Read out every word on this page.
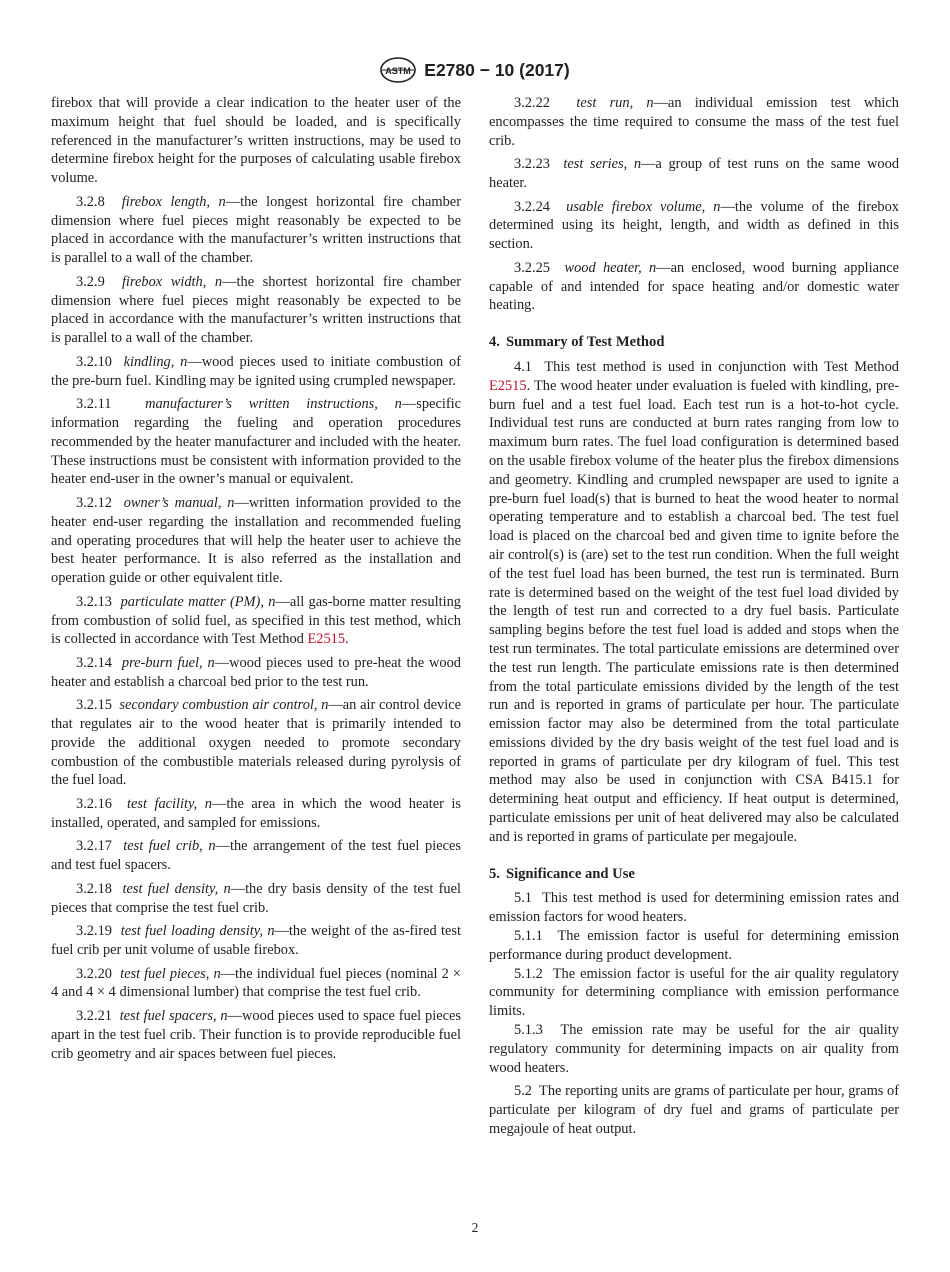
ASTM E2780 − 10 (2017)

firebox that will provide a clear indication to the heater user of the maximum height that fuel should be loaded, and is specifically referenced in the manufacturer’s written instructions, may be used to determine firebox height for the purposes of calculating usable firebox volume.

3.2.8 firebox length, n—the longest horizontal fire chamber dimension where fuel pieces might reasonably be expected to be placed in accordance with the manufacturer’s written instructions that is parallel to a wall of the chamber.

3.2.9 firebox width, n—the shortest horizontal fire chamber dimension where fuel pieces might reasonably be expected to be placed in accordance with the manufacturer’s written instructions that is parallel to a wall of the chamber.

3.2.10 kindling, n—wood pieces used to initiate combustion of the pre-burn fuel. Kindling may be ignited using crumpled newspaper.

3.2.11 manufacturer’s written instructions, n—specific information regarding the fueling and operation procedures recommended by the heater manufacturer and included with the heater. These instructions must be consistent with information provided to the heater end-user in the owner’s manual or equivalent.

3.2.12 owner’s manual, n—written information provided to the heater end-user regarding the installation and recommended fueling and operating procedures that will help the heater user to achieve the best heater performance. It is also referred as the installation and operation guide or other equivalent title.

3.2.13 particulate matter (PM), n—all gas-borne matter resulting from combustion of solid fuel, as specified in this test method, which is collected in accordance with Test Method E2515.

3.2.14 pre-burn fuel, n—wood pieces used to pre-heat the wood heater and establish a charcoal bed prior to the test run.

3.2.15 secondary combustion air control, n—an air control device that regulates air to the wood heater that is primarily intended to provide the additional oxygen needed to promote secondary combustion of the combustible materials released during pyrolysis of the fuel load.

3.2.16 test facility, n—the area in which the wood heater is installed, operated, and sampled for emissions.

3.2.17 test fuel crib, n—the arrangement of the test fuel pieces and test fuel spacers.

3.2.18 test fuel density, n—the dry basis density of the test fuel pieces that comprise the test fuel crib.

3.2.19 test fuel loading density, n—the weight of the as-fired test fuel crib per unit volume of usable firebox.

3.2.20 test fuel pieces, n—the individual fuel pieces (nominal 2 × 4 and 4 × 4 dimensional lumber) that comprise the test fuel crib.

3.2.21 test fuel spacers, n—wood pieces used to space fuel pieces apart in the test fuel crib. Their function is to provide reproducible fuel crib geometry and air spaces between fuel pieces.

3.2.22 test run, n—an individual emission test which encompasses the time required to consume the mass of the test fuel crib.

3.2.23 test series, n—a group of test runs on the same wood heater.

3.2.24 usable firebox volume, n—the volume of the firebox determined using its height, length, and width as defined in this section.

3.2.25 wood heater, n—an enclosed, wood burning appliance capable of and intended for space heating and/or domestic water heating.

4. Summary of Test Method

4.1 This test method is used in conjunction with Test Method E2515. The wood heater under evaluation is fueled with kindling, pre-burn fuel and a test fuel load. Each test run is a hot-to-hot cycle. Individual test runs are conducted at burn rates ranging from low to maximum burn rates. The fuel load configuration is determined based on the usable firebox volume of the heater plus the firebox dimensions and geometry. Kindling and crumpled newspaper are used to ignite a pre-burn fuel load(s) that is burned to heat the wood heater to normal operating temperature and to establish a charcoal bed. The test fuel load is placed on the charcoal bed and given time to ignite before the air control(s) is (are) set to the test run condition. When the full weight of the test fuel load has been burned, the test run is terminated. Burn rate is determined based on the weight of the test fuel load divided by the length of test run and corrected to a dry fuel basis. Particulate sampling begins before the test fuel load is added and stops when the test run terminates. The total particulate emissions are determined over the test run length. The particulate emissions rate is then determined from the total particulate emissions divided by the length of the test run and is reported in grams of particulate per hour. The particulate emission factor may also be determined from the total particulate emissions divided by the dry basis weight of the test fuel load and is reported in grams of particulate per dry kilogram of fuel. This test method may also be used in conjunction with CSA B415.1 for determining heat output and efficiency. If heat output is determined, particulate emissions per unit of heat delivered may also be calculated and is reported in grams of particulate per megajoule.

5. Significance and Use

5.1 This test method is used for determining emission rates and emission factors for wood heaters.

5.1.1 The emission factor is useful for determining emission performance during product development.

5.1.2 The emission factor is useful for the air quality regulatory community for determining compliance with emission performance limits.

5.1.3 The emission rate may be useful for the air quality regulatory community for determining impacts on air quality from wood heaters.

5.2 The reporting units are grams of particulate per hour, grams of particulate per kilogram of dry fuel and grams of particulate per megajoule of heat output.

2
